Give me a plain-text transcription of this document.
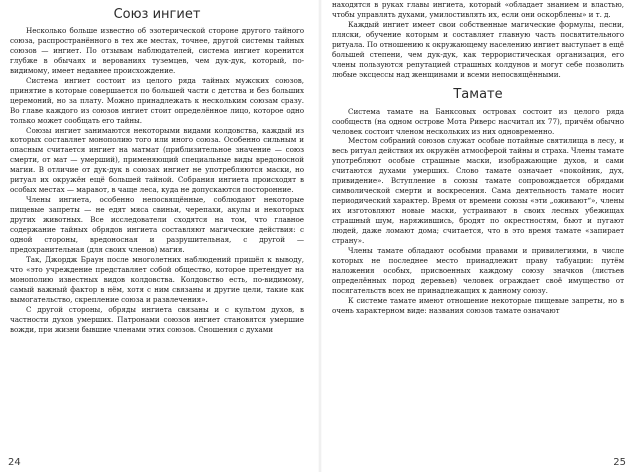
Союз ингиет

Несколько больше известно об эзотерической стороне другого тайного союза, распространённого в тех же местах, точнее, другой системы тайных союзов — ингиет. По отзывам наблюдателей, система ингиет коренится глубже в обычаях и верованиях туземцев, чем дук-дук, который, по-видимому, имеет недавнее происхождение.

Система ингиет состоит из целого ряда тайных мужских союзов, принятие в которые совершается по большей части с детства и без больших церемоний, но за плату. Можно принадлежать к нескольким союзам сразу. Во главе каждого из союзов ингиет стоит определённое лицо, которое одно только может сообщать его тайны.

Союзы ингиет занимаются некоторыми видами колдовства, каждый из которых составляет монополию того или иного союза. Особенно сильным и опасным считается ингиет на матмат (приблизительное значение — союз смерти, от мат — умерший), применяющий специальные виды вредоносной магии. В отличие от дук-дук в союзах ингиет не употребляются маски, но ритуал их окружён ещё большей тайной. Собрания ингиета происходят в особых местах — маравот, в чащe леса, куда не допускаются посторонние.

Члены ингиета, особенно непосвящённые, соблюдают некоторые пищевые запреты — не едят мяса свиньи, черепахи, акулы и некоторых других животных. Все исследователи сходятся на том, что главное содержание тайных обрядов ингиета составляют магические действия: с одной стороны, вредоносная и разрушительная, с другой — предохранительная (для своих членов) магия.

Так, Джордж Браун после многолетних наблюдений пришёл к выводу, что «это учреждение представляет собой общество, которое претендует на монополию известных видов колдовства. Колдовство есть, по-видимому, самый важный фактор в нём, хотя с ним связаны и другие цели, такие как вымогательство, скрепление союза и развлечения».

С другой стороны, обряды ингиета связаны и с культом духов, в частности духов умерших. Патронами союзов ингиет становятся умершие вожди, при жизни бывшие членами этих союзов. Сношения с духами

24

находятся в руках главы ингиета, который «обладает знанием и властью, чтобы управлять духами, умилостивлять их, если они оскорблены» и т. д.

Каждый ингиет имеет свои собственные магические формулы, песни, пляски, обучение которым и составляет главную часть посвятительного ритуала. По отношению к окружающему населению ингиет выступает в ещё большей степени, чем дук-дук, как террористическая организация, его члены пользуются репутацией страшных колдунов и могут себе позволить любые эксцессы над женщинами и всеми непосвящёнными.

Тамате

Система тамате на Банксовых островах состоит из целого ряда сообществ (на одном острове Мота Риверс насчитал их 77), причём обычно человек состоит членом нескольких из них одновременно.

Местом собраний союзов служат особые потайные святилища в лесу, и весь ритуал действия их окружён атмосферой тайны и страха. Члены тамате употребляют особые страшные маски, изображающие духов, и сами считаются духами умерших. Слово тамате означает «покойник, дух, привидение». Вступление в союзы тамате сопровождается обрядами символической смерти и воскресения. Сама деятельность тамате носит периодический характер. Время от времени союзы «эти „оживают“», члены их изготовляют новые маски, устраивают в своих лесных убежищах страшный шум, наряжившись, бродят по окрестностям, бьют и пугают людей, даже ломают дома; считается, что в это время тамате «запирает страну».

Члены тамате обладают особыми правами и привилегиями, в числе которых не последнее место принадлежит праву табуации: путём наложения особых, присвоенных каждому союзу значков (листьев определённых пород деревьев) человек ограждает своё имущество от посягательств всех не принадлежащих к данному союзу.

К системе тамате имеют отношение некоторые пищевые запреты, но в очень характерном виде: названия союзов тамате означают

25
